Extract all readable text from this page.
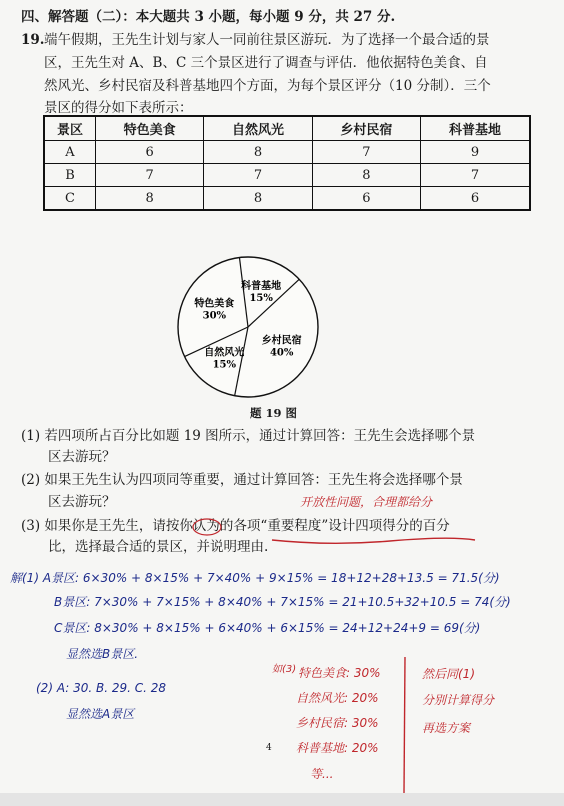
四、解答题（二）：本大题共 3 小题，每小题 9 分，共 27 分.
19. 端午假期，王先生计划与家人一同前往景区游玩．为了选择一个最合适的景
区，王先生对 A、B、C 三个景区进行了调查与评估．他依据特色美食、自
然风光、乡村民宿及科普基地四个方面，为每个景区评分（10 分制）．三个
景区的得分如下表所示：
景区	特色美食	自然风光	乡村民宿	科普基地
A	6	8	7	9
B	7	7	8	7
C	8	8	6	6
特色美食
30%
科普基地
15%
乡村民宿
40%
自然风光
15%
题 19 图
(1) 若四项所占百分比如题 19 图所示，通过计算回答：王先生会选择哪个景
区去游玩？
(2) 如果王先生认为四项同等重要，通过计算回答：王先生将会选择哪个景
区去游玩？
(3) 如果你是王先生，请按你认为的各项“重要程度”设计四项得分的百分
比，选择最合适的景区，并说明理由.
开放性问题，合理都给分
解(1) A景区: 6×30% + 8×15% + 7×40% + 9×15% = 18+12+28+13.5 = 71.5(分)
B景区: 7×30% + 7×15% + 8×40% + 7×15% = 21+10.5+32+10.5 = 74(分)
C景区: 8×30% + 8×15% + 6×40% + 6×15% = 24+12+24+9 = 69(分)
显然选B景区.
(2) A: 30. B. 29. C. 28
显然选A景区
如(3) 特色美食: 30%
自然风光: 20%
乡村民宿: 30%
科普基地: 20%
等...
然后同(1)
分别计算得分
再选方案
4
